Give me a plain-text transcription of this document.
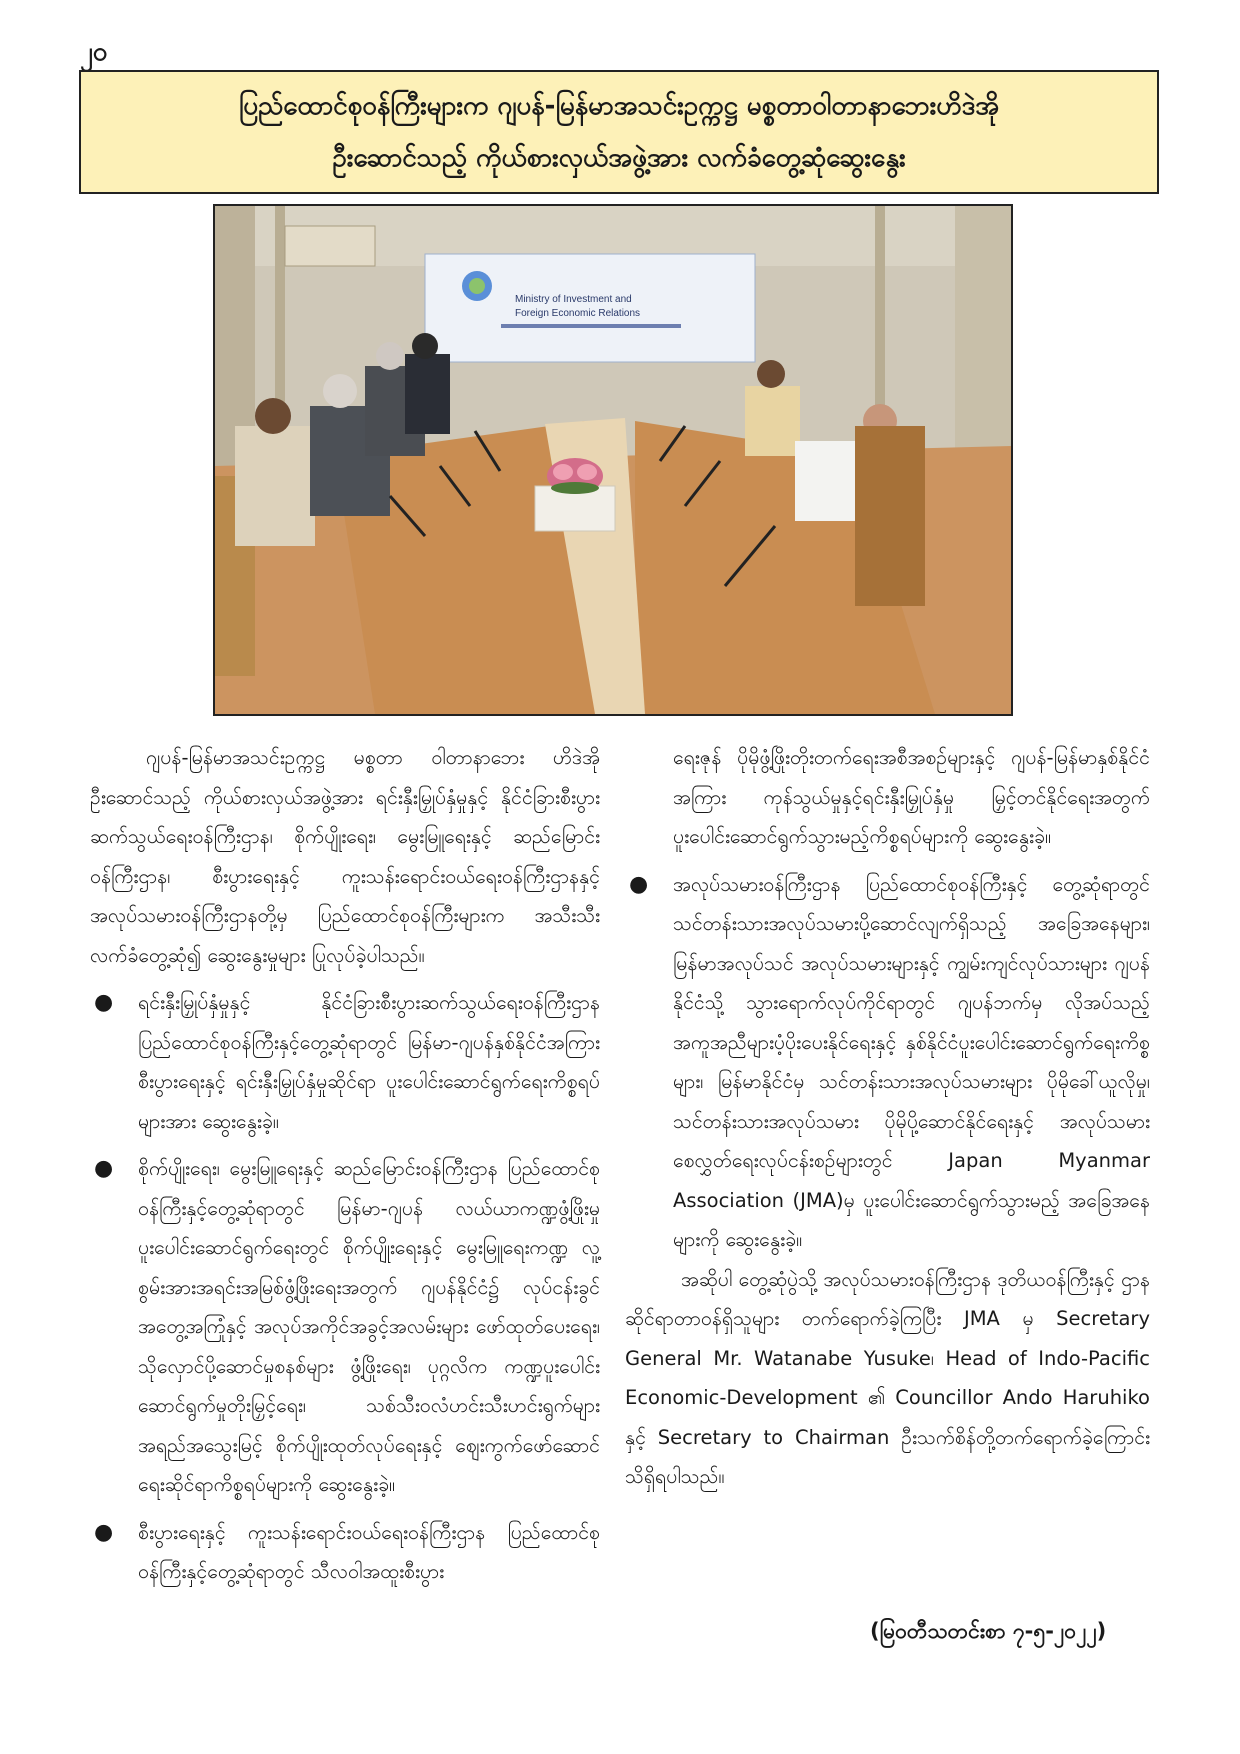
၂၀
ပြည်ထောင်စုဝန်ကြီးများက ဂျပန်-မြန်မာအသင်းဥက္ကဋ္ဌ မစ္စတာဝါတာနာဘေးဟိဒဲအို
ဦးဆောင်သည့် ကိုယ်စားလှယ်အဖွဲ့အား လက်ခံတွေ့ဆုံဆွေးနွေး
Ministry of Investment and
Foreign Economic Relations

ဂျပန်-မြန်မာအသင်းဥက္ကဋ္ဌ မစ္စတာ ဝါတာနာဘေး ဟိဒဲအို ဦးဆောင်သည့် ကိုယ်စားလှယ်အဖွဲ့အား ရင်းနှီးမြှုပ်နှံမှုနှင့် နိုင်ငံခြားစီးပွားဆက်သွယ်ရေးဝန်ကြီးဌာန၊ စိုက်ပျိုးရေး၊ မွေးမြူရေးနှင့် ဆည်မြောင်းဝန်ကြီးဌာန၊ စီးပွားရေးနှင့် ကူးသန်းရောင်းဝယ်ရေးဝန်ကြီးဌာနနှင့် အလုပ်သမားဝန်ကြီးဌာနတို့မှ ပြည်ထောင်စုဝန်ကြီးများက အသီးသီးလက်ခံတွေ့ဆုံ၍ ဆွေးနွေးမှုများ ပြုလုပ်ခဲ့ပါသည်။

●	ရင်းနှီးမြှုပ်နှံမှုနှင့် နိုင်ငံခြားစီးပွားဆက်သွယ်ရေးဝန်ကြီးဌာန ပြည်ထောင်စုဝန်ကြီးနှင့်တွေ့ဆုံရာတွင် မြန်မာ-ဂျပန်နှစ်နိုင်ငံအကြား စီးပွားရေးနှင့် ရင်းနှီးမြှုပ်နှံမှုဆိုင်ရာ ပူးပေါင်းဆောင်ရွက်ရေးကိစ္စရပ်များအား ဆွေးနွေးခဲ့။

●	စိုက်ပျိုးရေး၊ မွေးမြူရေးနှင့် ဆည်မြောင်းဝန်ကြီးဌာန ပြည်ထောင်စုဝန်ကြီးနှင့်တွေ့ဆုံရာတွင် မြန်မာ-ဂျပန် လယ်ယာကဏ္ဍဖွံ့ဖြိုးမှု ပူးပေါင်းဆောင်ရွက်ရေးတွင် စိုက်ပျိုးရေးနှင့် မွေးမြူရေးကဏ္ဍ လူ့စွမ်းအားအရင်းအမြစ်ဖွံ့ဖြိုးရေးအတွက် ဂျပန်နိုင်ငံ၌ လုပ်ငန်းခွင်အတွေ့အကြုံနှင့် အလုပ်အကိုင်အခွင့်အလမ်းများ ဖော်ထုတ်ပေးရေး၊ သိုလှောင်ပို့ဆောင်မှုစနစ်များ ဖွံ့ဖြိုးရေး၊ ပုဂ္ဂလိက ကဏ္ဍပူးပေါင်းဆောင်ရွက်မှုတိုးမြှင့်ရေး၊ သစ်သီးဝလံဟင်းသီးဟင်းရွက်များ အရည်အသွေးမြင့် စိုက်ပျိုးထုတ်လုပ်ရေးနှင့် ဈေးကွက်ဖော်ဆောင်ရေးဆိုင်ရာကိစ္စရပ်များကို ဆွေးနွေးခဲ့။

●	စီးပွားရေးနှင့် ကူးသန်းရောင်းဝယ်ရေးဝန်ကြီးဌာန ပြည်ထောင်စုဝန်ကြီးနှင့်တွေ့ဆုံရာတွင် သီလဝါအထူးစီးပွား

ရေးဇုန် ပိုမိုဖွံ့ဖြိုးတိုးတက်ရေးအစီအစဉ်များနှင့် ဂျပန်-မြန်မာနှစ်နိုင်ငံအကြား ကုန်သွယ်မှုနှင့်ရင်းနှီးမြှုပ်နှံမှု မြှင့်တင်နိုင်ရေးအတွက် ပူးပေါင်းဆောင်ရွက်သွားမည့်ကိစ္စရပ်များကို ဆွေးနွေးခဲ့။

●	အလုပ်သမားဝန်ကြီးဌာန ပြည်ထောင်စုဝန်ကြီးနှင့် တွေ့ဆုံရာတွင် သင်တန်းသားအလုပ်သမားပို့ဆောင်လျက်ရှိသည့် အခြေအနေများ၊ မြန်မာအလုပ်သင် အလုပ်သမားများနှင့် ကျွမ်းကျင်လုပ်သားများ ဂျပန်နိုင်ငံသို့ သွားရောက်လုပ်ကိုင်ရာတွင် ဂျပန်ဘက်မှ လိုအပ်သည့်အကူအညီများပံ့ပိုးပေးနိုင်ရေးနှင့် နှစ်နိုင်ငံပူးပေါင်းဆောင်ရွက်ရေးကိစ္စများ၊ မြန်မာနိုင်ငံမှ သင်တန်းသားအလုပ်သမားများ ပိုမိုခေါ်ယူလိုမှု၊ သင်တန်းသားအလုပ်သမား ပိုမိုပို့ဆောင်နိုင်ရေးနှင့် အလုပ်သမားစေလွှတ်ရေးလုပ်ငန်းစဉ်များတွင် Japan Myanmar Association (JMA)မှ ပူးပေါင်းဆောင်ရွက်သွားမည့် အခြေအနေများကို ဆွေးနွေးခဲ့။

အဆိုပါ တွေ့ဆုံပွဲသို့ အလုပ်သမားဝန်ကြီးဌာန ဒုတိယဝန်ကြီးနှင့် ဌာနဆိုင်ရာတာဝန်ရှိသူများ တက်ရောက်ခဲ့ကြပြီး JMA မှ Secretary General Mr. Watanabe Yusuke၊ Head of Indo-Pacific Economic-Development ၏ Councillor Ando Haruhiko နှင့် Secretary to Chairman ဦးသက်စိန်တို့တက်ရောက်ခဲ့ကြောင်း သိရှိရပါသည်။

(မြဝတီသတင်းစာ ၇-၅-၂၀၂၂)
